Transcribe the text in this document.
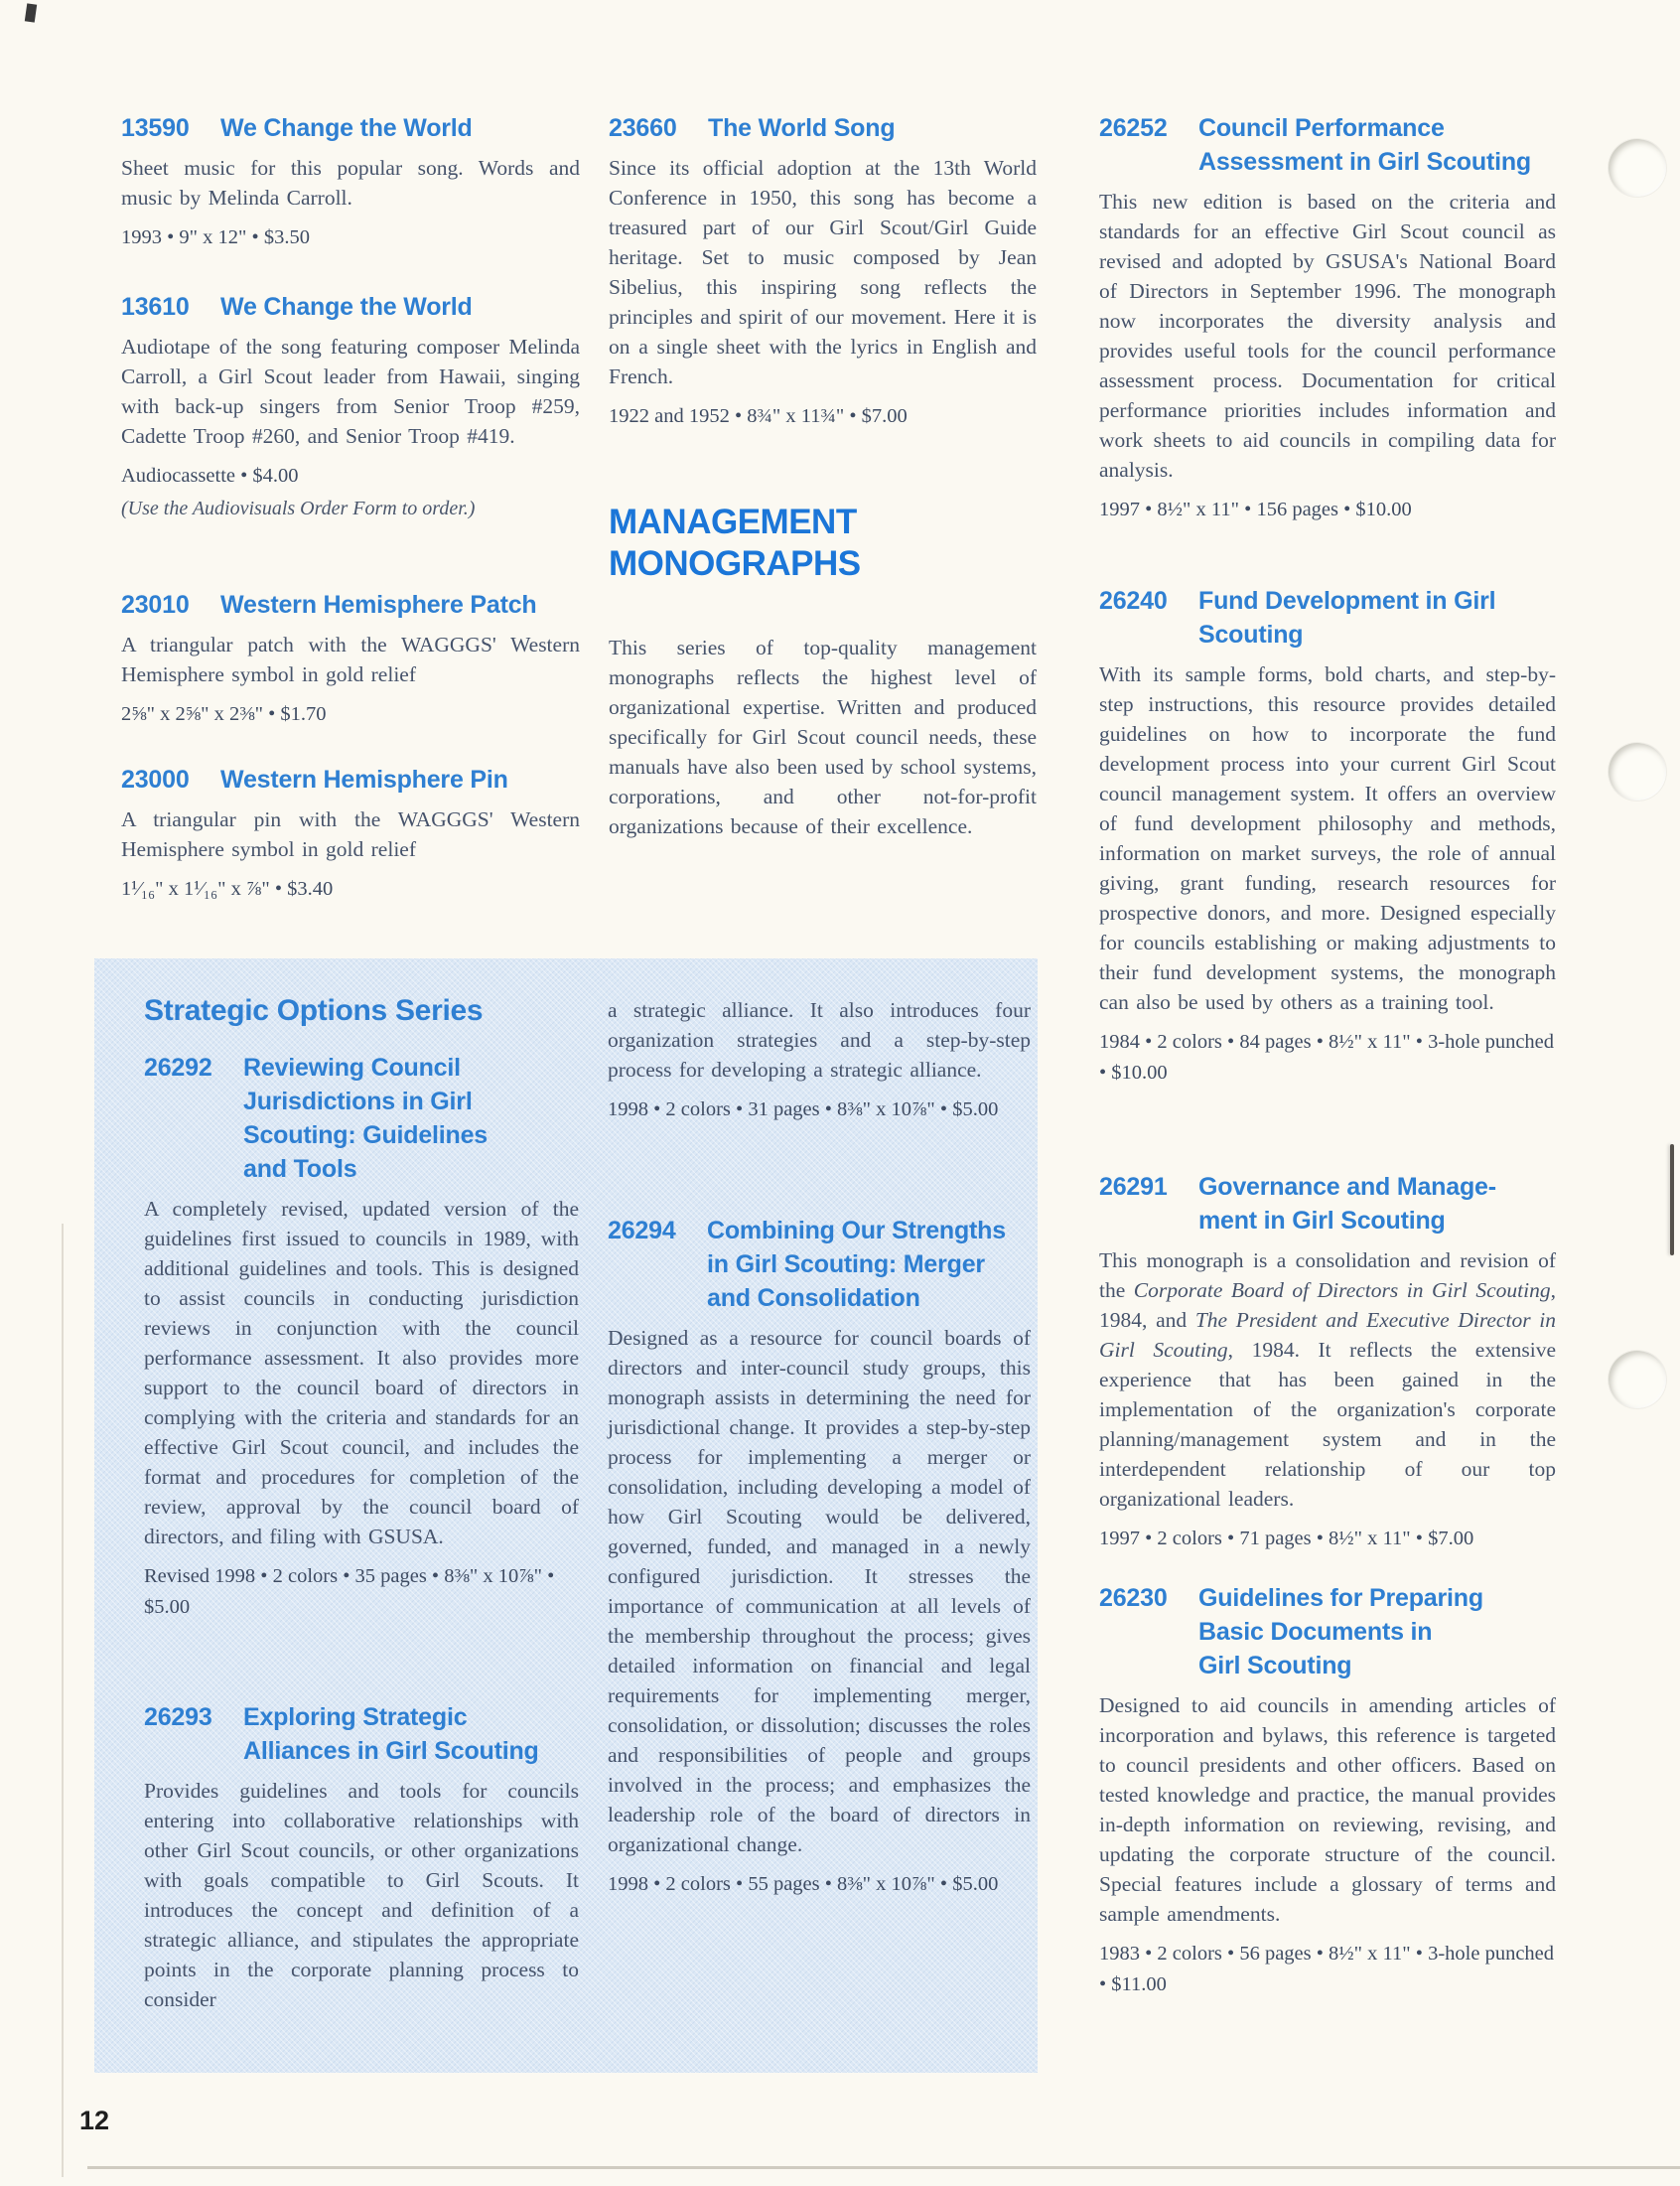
13590	We Change the World

Sheet music for this popular song. Words and music by Melinda Carroll.

1993 • 9" x 12" • $3.50

13610	We Change the World

Audiotape of the song featuring composer Melinda Carroll, a Girl Scout leader from Hawaii, singing with back-up singers from Senior Troop #259, Cadette Troop #260, and Senior Troop #419.

Audiocassette • $4.00

(Use the Audiovisuals Order Form to order.)

23010	Western Hemisphere Patch

A triangular patch with the WAGGGS' Western Hemisphere symbol in gold relief

2⅝" x 2⅝" x 2⅜" • $1.70

23000	Western Hemisphere Pin

A triangular pin with the WAGGGS' Western Hemisphere symbol in gold relief

1¹⁄₁₆" x 1¹⁄₁₆" x ⅞" • $3.40

23660	The World Song

Since its official adoption at the 13th World Conference in 1950, this song has become a treasured part of our Girl Scout/Girl Guide heritage. Set to music composed by Jean Sibelius, this inspiring song reflects the principles and spirit of our movement. Here it is on a single sheet with the lyrics in English and French.

1922 and 1952 • 8¾" x 11¾" • $7.00

MANAGEMENT
MONOGRAPHS

This series of top-quality management monographs reflects the highest level of organizational expertise. Written and produced specifically for Girl Scout council needs, these manuals have also been used by school systems, corporations, and other not-for-profit organizations because of their excellence.

26252	Council Performance
Assessment in Girl Scouting

This new edition is based on the criteria and standards for an effective Girl Scout council as revised and adopted by GSUSA's National Board of Directors in September 1996. The monograph now incorporates the diversity analysis and provides useful tools for the council performance assessment process. Documentation for critical performance priorities includes information and work sheets to aid councils in compiling data for analysis.

1997 • 8½" x 11" • 156 pages • $10.00

26240	Fund Development in Girl
Scouting

With its sample forms, bold charts, and step-by-step instructions, this resource provides detailed guidelines on how to incorporate the fund development process into your current Girl Scout council management system. It offers an overview of fund development philosophy and methods, information on market surveys, the role of annual giving, grant funding, research resources for prospective donors, and more. Designed especially for councils establishing or making adjustments to their fund development systems, the monograph can also be used by others as a training tool.

1984 • 2 colors • 84 pages • 8½" x 11" • 3-hole punched • $10.00

26291	Governance and Manage-
ment in Girl Scouting

This monograph is a consolidation and revision of the Corporate Board of Directors in Girl Scouting, 1984, and The President and Executive Director in Girl Scouting, 1984. It reflects the extensive experience that has been gained in the implementation of the organization's corporate planning/management system and in the interdependent relationship of our top organizational leaders.

1997 • 2 colors • 71 pages • 8½" x 11" • $7.00

26230	Guidelines for Preparing
Basic Documents in
Girl Scouting

Designed to aid councils in amending articles of incorporation and bylaws, this reference is targeted to council presidents and other officers. Based on tested knowledge and practice, the manual provides in-depth information on reviewing, revising, and updating the corporate structure of the council. Special features include a glossary of terms and sample amendments.

1983 • 2 colors • 56 pages • 8½" x 11" • 3-hole punched • $11.00

Strategic Options Series
26292	Reviewing Council
Jurisdictions in Girl
Scouting: Guidelines
and Tools

A completely revised, updated version of the guidelines first issued to councils in 1989, with additional guidelines and tools. This is designed to assist councils in conducting jurisdiction reviews in conjunction with the council performance assessment. It also provides more support to the council board of directors in complying with the criteria and standards for an effective Girl Scout council, and includes the format and procedures for completion of the review, approval by the council board of directors, and filing with GSUSA.

Revised 1998 • 2 colors • 35 pages • 8⅜" x 10⅞" • $5.00

26293	Exploring Strategic
Alliances in Girl Scouting

Provides guidelines and tools for councils entering into collaborative relationships with other Girl Scout councils, or other organizations with goals compatible to Girl Scouts. It introduces the concept and definition of a strategic alliance, and stipulates the appropriate points in the corporate planning process to consider

a strategic alliance. It also introduces four organization strategies and a step-by-step process for developing a strategic alliance.

1998 • 2 colors • 31 pages • 8⅜" x 10⅞" • $5.00

26294	Combining Our Strengths
in Girl Scouting: Merger
and Consolidation

Designed as a resource for council boards of directors and inter-council study groups, this monograph assists in determining the need for jurisdictional change. It provides a step-by-step process for implementing a merger or consolidation, including developing a model of how Girl Scouting would be delivered, governed, funded, and managed in a newly configured jurisdiction. It stresses the importance of communication at all levels of the membership throughout the process; gives detailed information on financial and legal requirements for implementing merger, consolidation, or dissolution; discusses the roles and responsibilities of people and groups involved in the process; and emphasizes the leadership role of the board of directors in organizational change.

1998 • 2 colors • 55 pages • 8⅜" x 10⅞" • $5.00

12
